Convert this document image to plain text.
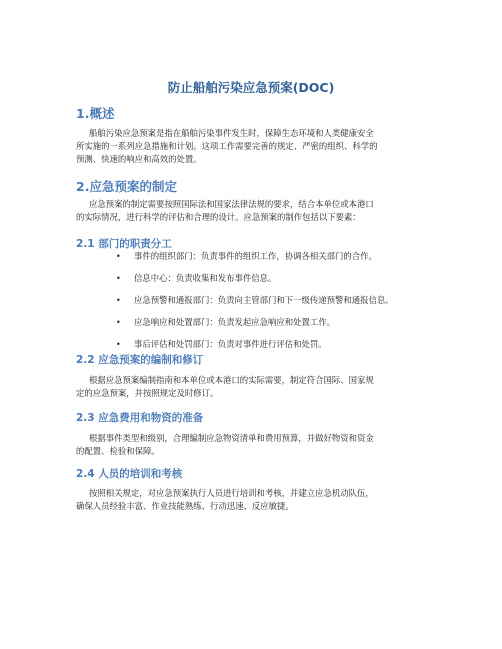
防止船舶污染应急预案(DOC)
1.概述

船舶污染应急预案是指在船舶污染事件发生时，保障生态环境和人类健康安全
所实施的一系列应急措施和计划。这项工作需要完善的规定、严密的组织、科学的
预测、快速的响应和高效的处置。

2.应急预案的制定

应急预案的制定需要按照国际法和国家法律法规的要求，结合本单位或本港口
的实际情况，进行科学的评估和合理的设计。应急预案的制作包括以下要素：

2.1 部门的职责分工
• 事件的组织部门：负责事件的组织工作，协调各相关部门的合作。
• 信息中心：负责收集和发布事件信息。
• 应急预警和通报部门：负责向主管部门和下一级传递预警和通报信息。
• 应急响应和处置部门：负责发起应急响应和处置工作。
• 事后评估和处罚部门：负责对事件进行评估和处罚。
2.2 应急预案的编制和修订

根据应急预案编制指南和本单位或本港口的实际需要，制定符合国际、国家规
定的应急预案，并按照规定及时修订。

2.3 应急费用和物资的准备

根据事件类型和级别，合理编制应急物资清单和费用预算，并做好物资和资金
的配置、检验和保障。

2.4 人员的培训和考核

按照相关规定，对应急预案执行人员进行培训和考核，并建立应急机动队伍，
确保人员经验丰富、作业技能熟练、行动迅速、反应敏捷。
